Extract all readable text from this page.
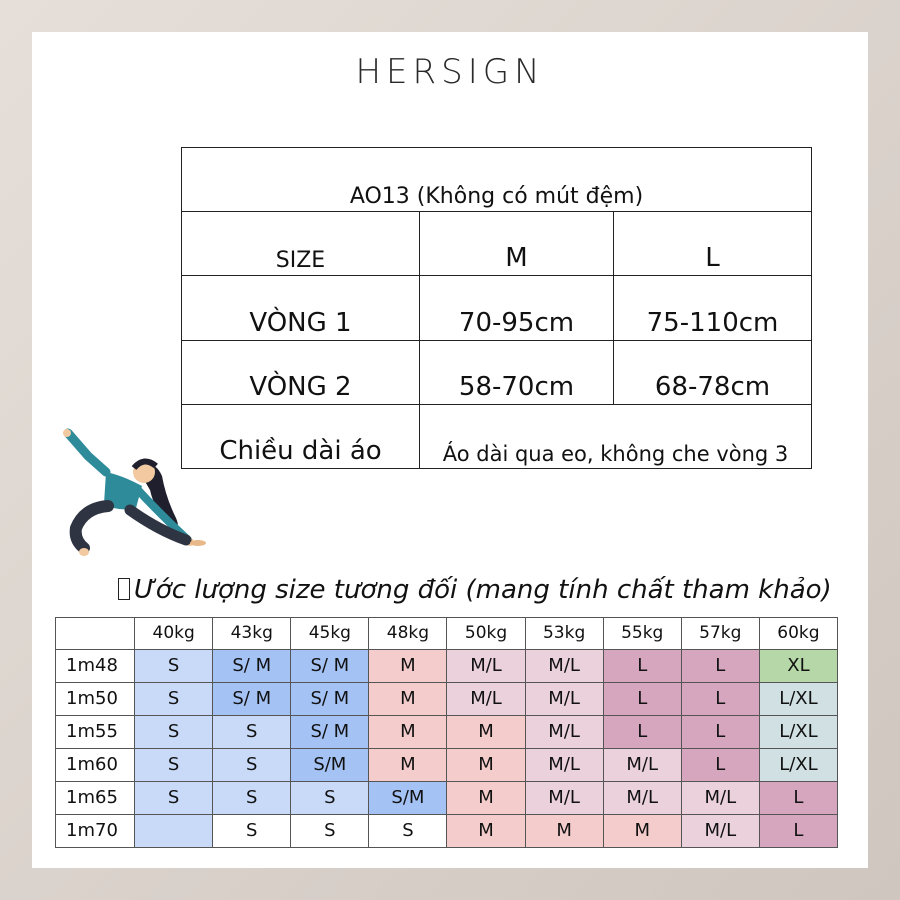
HERSIGN
AO13 (Không có mút đệm)		
SIZE	M	L
VÒNG 1	70-95cm	75-110cm
VÒNG 2	58-70cm	68-78cm
Chiều dài áo	Áo dài qua eo, không che vòng 3	
Ước lượng size tương đối (mang tính chất tham khảo)
	40kg	43kg	45kg	48kg	50kg	53kg	55kg	57kg	60kg
1m48	S	S/ M	S/ M	M	M/L	M/L	L	L	XL
1m50	S	S/ M	S/ M	M	M/L	M/L	L	L	L/XL
1m55	S	S	S/ M	M	M	M/L	L	L	L/XL
1m60	S	S	S/M	M	M	M/L	M/L	L	L/XL
1m65	S	S	S	S/M	M	M/L	M/L	M/L	L
1m70		S	S	S	M	M	M	M/L	L
